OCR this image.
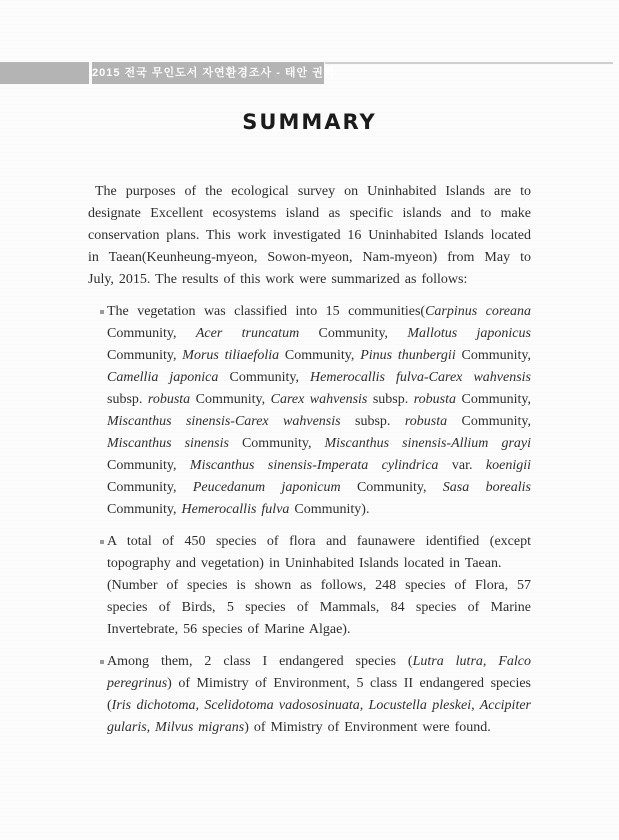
2015 전국 무인도서 자연환경조사 - 태안 권역
SUMMARY

The purposes of the ecological survey on Uninhabited Islands are to designate Excellent ecosystems island as specific islands and to make conservation plans. This work investigated 16 Uninhabited Islands located in Taean(Keunheung-myeon, Sowon-myeon, Nam-myeon) from May to July, 2015. The results of this work were summarized as follows:

The vegetation was classified into 15 communities(Carpinus coreana Community, Acer truncatum Community, Mallotus japonicus Community, Morus tiliaefolia Community, Pinus thunbergii Community, Camellia japonica Community, Hemerocallis fulva-Carex wahvensis subsp. robusta Community, Carex wahvensis subsp. robusta Community, Miscanthus sinensis-Carex wahvensis subsp. robusta Community, Miscanthus sinensis Community, Miscanthus sinensis-Allium grayi Community, Miscanthus sinensis-Imperata cylindrica var. koenigii Community, Peucedanum japonicum Community, Sasa borealis Community, Hemerocallis fulva Community).

A total of 450 species of flora and faunawere identified (except topography and vegetation) in Uninhabited Islands located in Taean.

(Number of species is shown as follows, 248 species of Flora, 57 species of Birds, 5 species of Mammals, 84 species of Marine Invertebrate, 56 species of Marine Algae).

Among them, 2 class I endangered species (Lutra lutra, Falco peregrinus) of Mimistry of Environment, 5 class II endangered species (Iris dichotoma, Scelidotoma vadososinuata, Locustella pleskei, Accipiter gularis, Milvus migrans) of Mimistry of Environment were found.
